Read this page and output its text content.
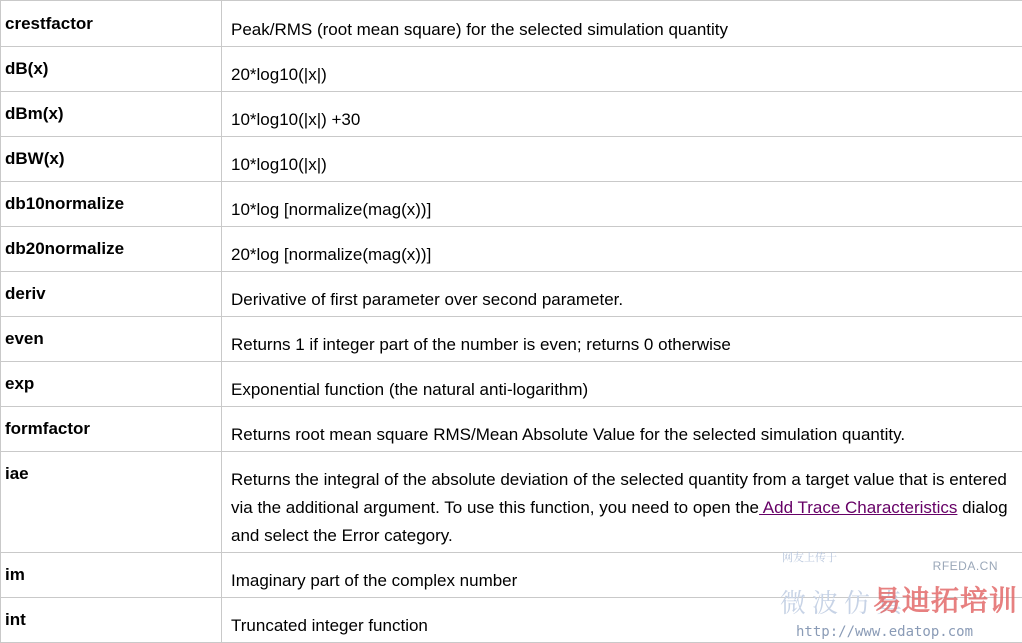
crestfactor	Peak/RMS (root mean square) for the selected simulation quantity
dB(x)	20*log10(|x|)
dBm(x)	10*log10(|x|) +30
dBW(x)	10*log10(|x|)
db10normalize	10*log [normalize(mag(x))]
db20normalize	20*log [normalize(mag(x))]
deriv	Derivative of first parameter over second parameter.
even	Returns 1 if integer part of the number is even; returns 0 otherwise
exp	Exponential function (the natural anti-logarithm)
formfactor	Returns root mean square RMS/Mean Absolute Value for the selected simulation quantity.
iae	Returns the integral of the absolute deviation of the selected quantity from a target value that is entered via the additional argument. To use this function, you need to open the Add Trace Characteristics dialog and select the Error category.
im	Imaginary part of the complex number
int	Truncated integer function
网友上传于
RFEDA.CN
微波仿真
易迪拓培训
http://www.edatop.com
